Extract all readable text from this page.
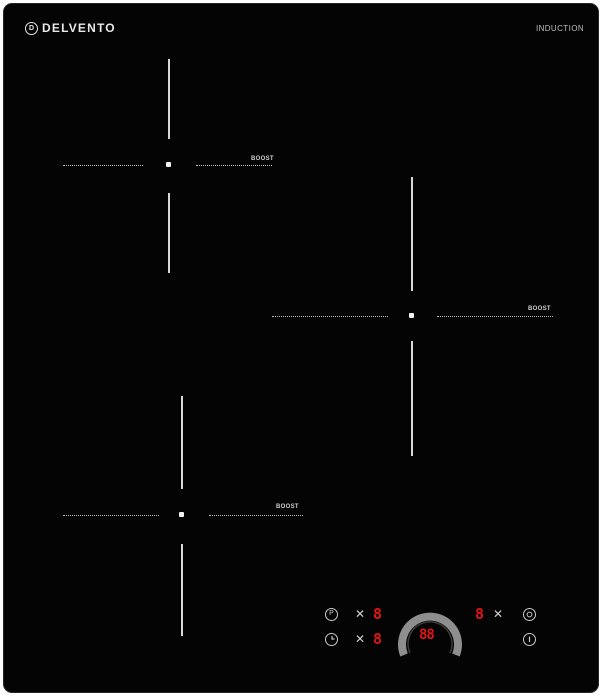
D DELVENTO	INDUCTION
BOOST
BOOST
BOOST
P	✕ 8
✕ 8	88
8 ✕
